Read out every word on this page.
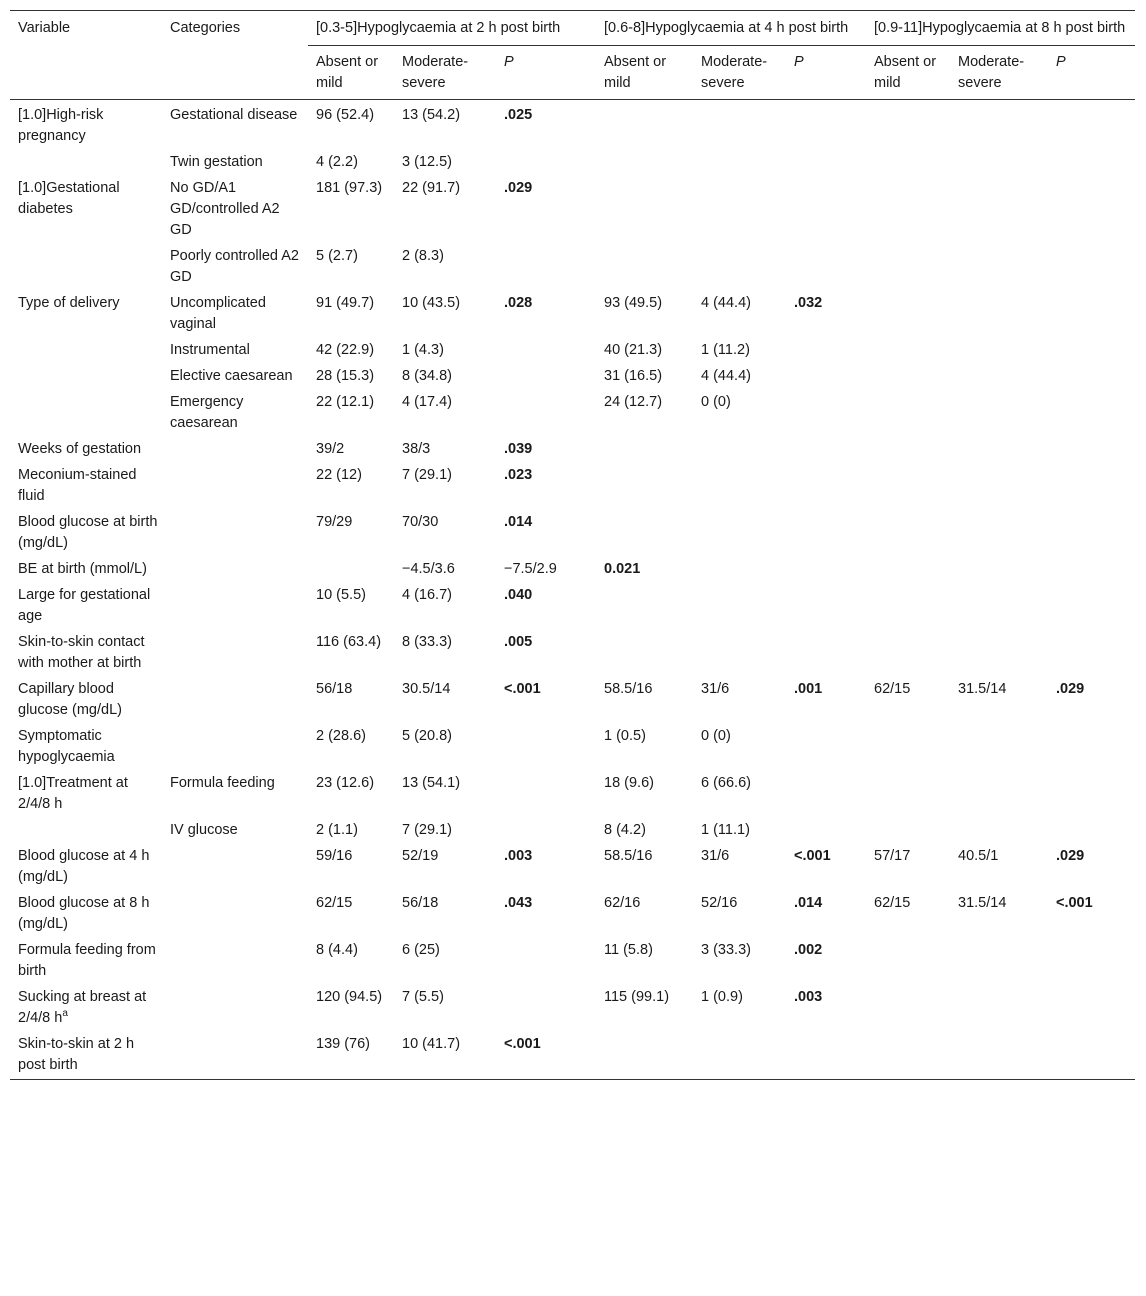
Variable	Categories	[0.3-5]Hypoglycaemia at 2 h post birth			[0.6-8]Hypoglycaemia at 4 h post birth			[0.9-11]Hypoglycaemia at 8 h post birth		
		Absent or mild	Moderate-severe	P	Absent or mild	Moderate-severe	P	Absent or mild	Moderate-severe	P
[1.0]High-risk pregnancy	Gestational disease	96 (52.4)	13 (54.2)	.025						
	Twin gestation	4 (2.2)	3 (12.5)							
[1.0]Gestational diabetes	No GD/A1 GD/controlled A2 GD	181 (97.3)	22 (91.7)	.029						
	Poorly controlled A2 GD	5 (2.7)	2 (8.3)							
Type of delivery	Uncomplicated vaginal	91 (49.7)	10 (43.5)	.028	93 (49.5)	4 (44.4)	.032			
	Instrumental	42 (22.9)	1 (4.3)		40 (21.3)	1 (11.2)				
	Elective caesarean	28 (15.3)	8 (34.8)		31 (16.5)	4 (44.4)				
	Emergency caesarean	22 (12.1)	4 (17.4)		24 (12.7)	0 (0)				
Weeks of gestation		39/2	38/3	.039						
Meconium-stained fluid		22 (12)	7 (29.1)	.023						
Blood glucose at birth (mg/dL)		79/29	70/30	.014						
BE at birth (mmol/L)			−4.5/3.6	−7.5/2.9	0.021					
Large for gestational age		10 (5.5)	4 (16.7)	.040						
Skin-to-skin contact with mother at birth		116 (63.4)	8 (33.3)	.005						
Capillary blood glucose (mg/dL)		56/18	30.5/14	<.001	58.5/16	31/6	.001	62/15	31.5/14	.029
Symptomatic hypoglycaemia		2 (28.6)	5 (20.8)		1 (0.5)	0 (0)				
[1.0]Treatment at 2/4/8 h	Formula feeding	23 (12.6)	13 (54.1)		18 (9.6)	6 (66.6)				
	IV glucose	2 (1.1)	7 (29.1)		8 (4.2)	1 (11.1)				
Blood glucose at 4 h (mg/dL)		59/16	52/19	.003	58.5/16	31/6	<.001	57/17	40.5/1	.029
Blood glucose at 8 h (mg/dL)		62/15	56/18	.043	62/16	52/16	.014	62/15	31.5/14	<.001
Formula feeding from birth		8 (4.4)	6 (25)		11 (5.8)	3 (33.3)	.002			
Sucking at breast at 2/4/8 $h^a$		120 (94.5)	7 (5.5)		115 (99.1)	1 (0.9)	.003			
Skin-to-skin at 2 h post birth		139 (76)	10 (41.7)	<.001						
